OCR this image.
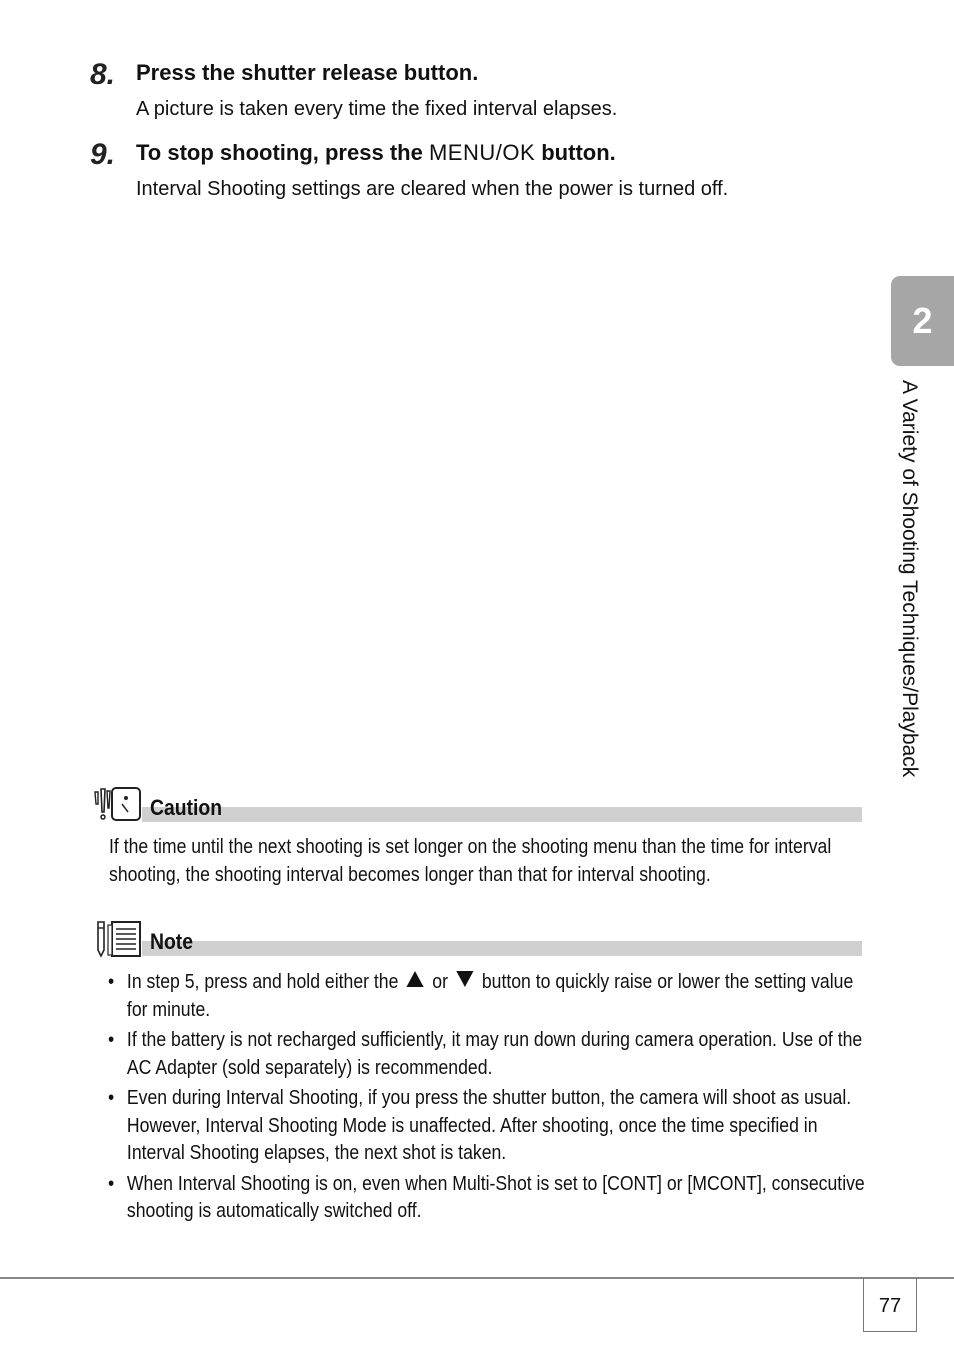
8. Press the shutter release button.
A picture is taken every time the fixed interval elapses.
9. To stop shooting, press the MENU/OK button.
Interval Shooting settings are cleared when the power is turned off.
2
A Variety of Shooting Techniques/Playback
Caution
If the time until the next shooting is set longer on the shooting menu than the time for interval shooting, the shooting interval becomes longer than that for interval shooting.
Note
• In step 5, press and hold either the  or  button to quickly raise or lower the setting value for minute.
• If the battery is not recharged sufficiently, it may run down during camera operation. Use of the AC Adapter (sold separately) is recommended.
• Even during Interval Shooting, if you press the shutter button, the camera will shoot as usual. However, Interval Shooting Mode is unaffected. After shooting, once the time specified in Interval Shooting elapses, the next shot is taken.
• When Interval Shooting is on, even when Multi-Shot is set to [CONT] or [MCONT], consecutive shooting is automatically switched off.
77
